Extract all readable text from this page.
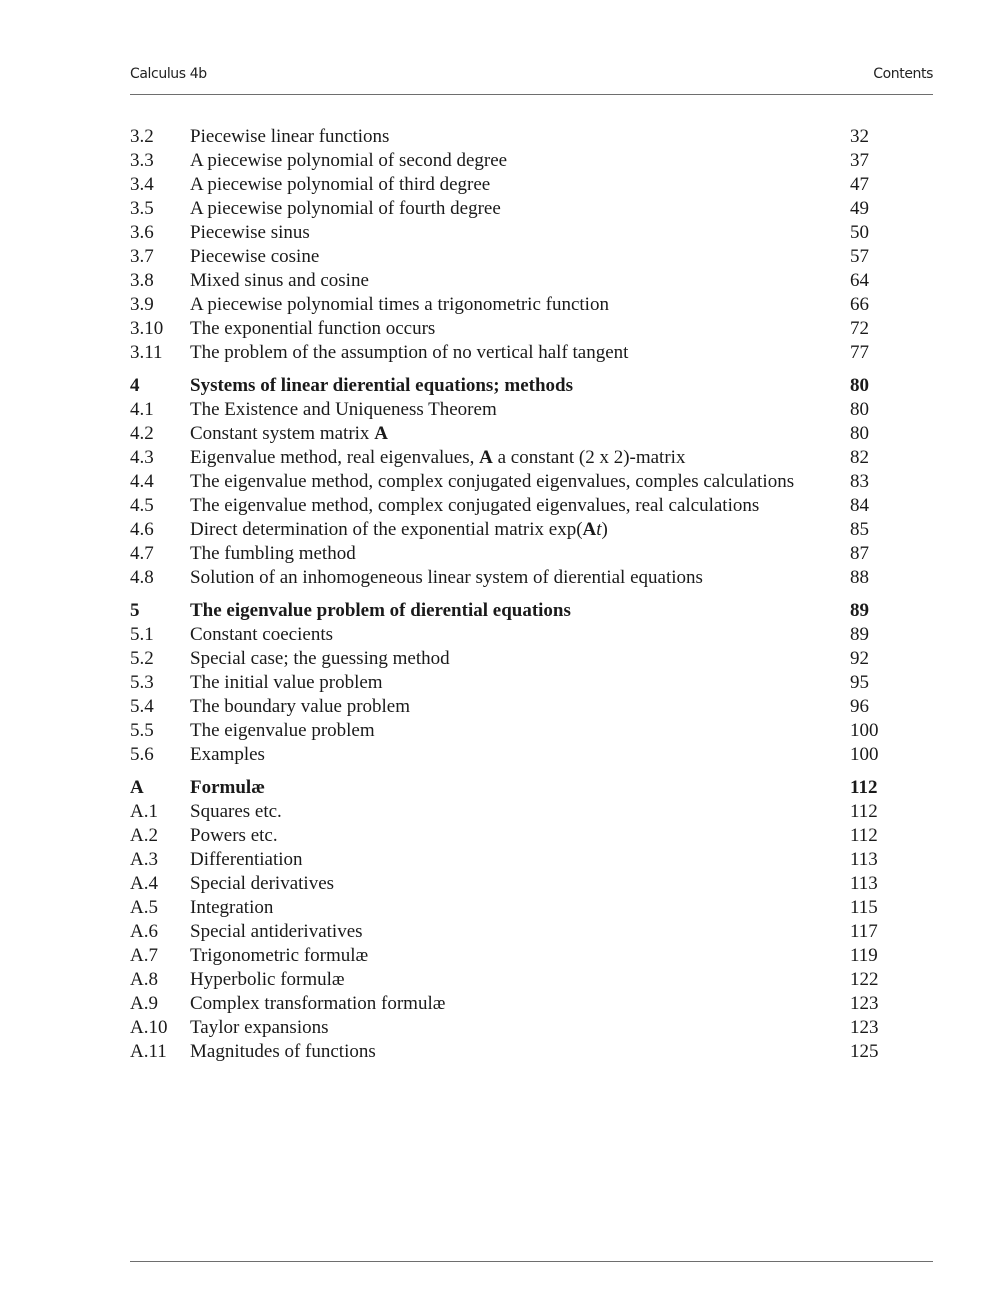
Calculus 4b	Contents
3.2 Piecewise linear functions	32
3.3 A piecewise polynomial of second degree	37
3.4 A piecewise polynomial of third degree	47
3.5 A piecewise polynomial of fourth degree	49
3.6 Piecewise sinus	50
3.7 Piecewise cosine	57
3.8 Mixed sinus and cosine	64
3.9 A piecewise polynomial times a trigonometric function	66
3.10 The exponential function occurs	72
3.11 The problem of the assumption of no vertical half tangent	77
4	Systems of linear dierential equations; methods	80
4.1 The Existence and Uniqueness Theorem	80
4.2 Constant system matrix A	80
4.3 Eigenvalue method, real eigenvalues, A a constant (2 x 2)-matrix	82
4.4 The eigenvalue method, complex conjugated eigenvalues, comples calculations	83
4.5 The eigenvalue method, complex conjugated eigenvalues, real calculations	84
4.6 Direct determination of the exponential matrix exp(At)	85
4.7 The fumbling method	87
4.8 Solution of an inhomogeneous linear system of dierential equations	88
5	The eigenvalue problem of dierential equations	89
5.1 Constant coecients	89
5.2 Special case; the guessing method	92
5.3 The initial value problem	95
5.4 The boundary value problem	96
5.5 The eigenvalue problem	100
5.6 Examples	100
A Formulæ	112
A.1 Squares etc.	112
A.2 Powers etc.	112
A.3 Differentiation	113
A.4 Special derivatives	113
A.5 Integration	115
A.6 Special antiderivatives	117
A.7 Trigonometric formulæ	119
A.8 Hyperbolic formulæ	122
A.9 Complex transformation formulæ	123
A.10 Taylor expansions	123
A.11 Magnitudes of functions	125
